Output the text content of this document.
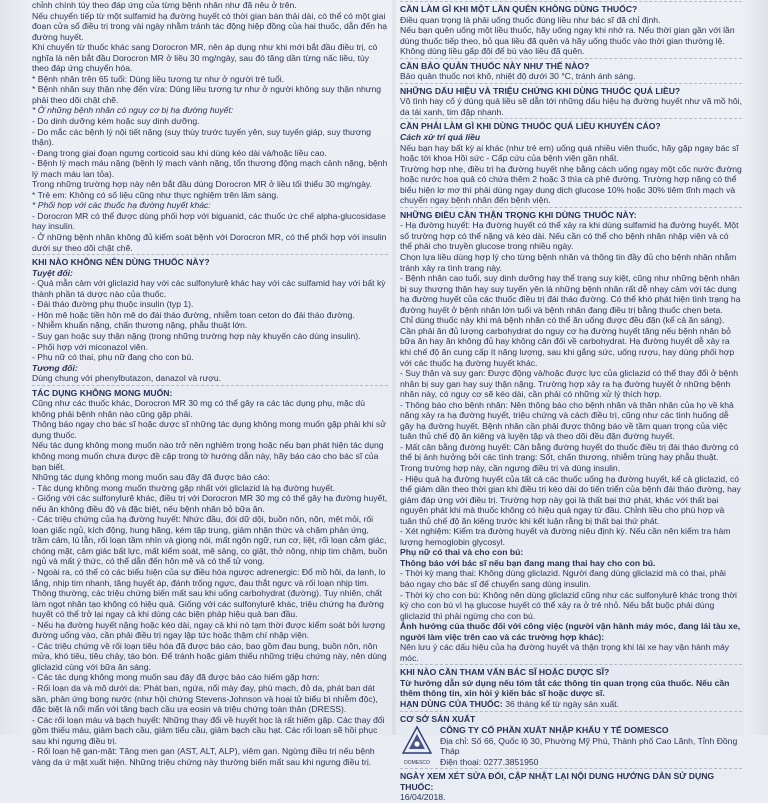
chỉnh chính tùy theo đáp ứng của từng bệnh nhân như đã nêu ở trên.

Nếu chuyển tiếp từ một sulfamid hạ đường huyết có thời gian bán thải dài, có thể có một giai đoạn cửa sổ điều trị trong vài ngày nhằm tránh tác động hiệp đồng của hai thuốc, dẫn đến hạ đường huyết.

Khi chuyển từ thuốc khác sang Dorocron MR, nên áp dụng như khi mới bắt đầu điều trị, có nghĩa là nên bắt đầu Dorocron MR ở liều 30 mg/ngày, sau đó tăng dần từng nấc liều, tùy theo đáp ứng chuyển hóa.

* Bệnh nhân trên 65 tuổi: Dùng liều tương tự như ở người trẻ tuổi.

* Bệnh nhân suy thận nhẹ đến vừa: Dùng liều tương tự như ở người không suy thận nhưng phải theo dõi chặt chẽ.

* Ở những bệnh nhân có nguy cơ bị hạ đường huyết:

- Do dinh dưỡng kém hoặc suy dinh dưỡng.

- Do mắc các bệnh lý nội tiết nặng (suy thùy trước tuyến yên, suy tuyến giáp, suy thượng thận).

- Đang trong giai đoạn ngưng corticoid sau khi dùng kéo dài và/hoặc liều cao.

- Bệnh lý mạch máu nặng (bệnh lý mạch vành nặng, tổn thương động mạch cảnh nặng, bệnh lý mạch máu lan tỏa).

Trong những trường hợp này nên bắt đầu dùng Dorocron MR ở liều tối thiểu 30 mg/ngày.

* Trẻ em: Không có số liệu cũng như thực nghiệm trên lâm sàng.

* Phối hợp với các thuốc hạ đường huyết khác:

- Dorocron MR có thể được dùng phối hợp với biguanid, các thuốc ức chế alpha-glucosidase hay insulin.

- Ở những bệnh nhân không đủ kiểm soát bệnh với Dorocron MR, có thể phối hợp với insulin dưới sự theo dõi chặt chẽ.

KHI NÀO KHÔNG NÊN DÙNG THUỐC NÀY?

Tuyệt đối:

- Quá mẫn cảm với gliclazid hay với các sulfonylurê khác hay với các sulfamid hay với bất kỳ thành phần tá dược nào của thuốc.

- Đái tháo đường phụ thuộc insulin (typ 1).

- Hôn mê hoặc tiền hôn mê do đái tháo đường, nhiễm toan ceton do đái tháo đường.

- Nhiễm khuẩn nặng, chấn thương nặng, phẫu thuật lớn.

- Suy gan hoặc suy thận nặng (trong những trường hợp này khuyến cáo dùng insulin).

- Phối hợp với miconazol viên.

- Phụ nữ có thai, phụ nữ đang cho con bú.

Tương đối:

Dùng chung với phenylbutazon, danazol và rượu.

TÁC DỤNG KHÔNG MONG MUỐN:

Cũng như các thuốc khác, Dorocron MR 30 mg có thể gây ra các tác dụng phụ, mặc dù không phải bệnh nhân nào cũng gặp phải.

Thông báo ngay cho bác sĩ hoặc dược sĩ những tác dụng không mong muốn gặp phải khi sử dụng thuốc.

Nếu tác dụng không mong muốn nào trở nên nghiêm trọng hoặc nếu bạn phát hiện tác dụng không mong muốn chưa được đề cập trong tờ hướng dẫn này, hãy báo cáo cho bác sĩ của bạn biết.

Những tác dụng không mong muốn sau đây đã được báo cáo:

- Tác dụng không mong muốn thường gặp nhất với gliclazid là hạ đường huyết.

- Giống với các sulfonylurê khác, điều trị với Dorocron MR 30 mg có thể gây hạ đường huyết, nếu ăn không điều độ và đặc biệt, nếu bệnh nhân bỏ bữa ăn.

- Các triệu chứng của hạ đường huyết: Nhức đầu, đói dữ dội, buồn nôn, nôn, mệt mỏi, rối loạn giấc ngủ, kích động, hung hăng, kém tập trung, giảm nhận thức và chậm phản ứng, trầm cảm, lú lẫn, rối loạn tầm nhìn và giọng nói, mất ngôn ngữ, run cơ, liệt, rối loạn cảm giác, chóng mặt, cảm giác bất lực, mất kiểm soát, mê sảng, co giật, thở nông, nhịp tim chậm, buồn ngủ và mất ý thức, có thể dẫn đến hôn mê và có thể tử vong.

- Ngoài ra, có thể có các biểu hiện của sự điều hòa ngược adrenergic: Đổ mồ hôi, da lạnh, lo lắng, nhịp tim nhanh, tăng huyết áp, đánh trống ngực, đau thắt ngực và rối loạn nhịp tim.

Thông thường, các triệu chứng biến mất sau khi uống carbohydrat (đường). Tuy nhiên, chất làm ngọt nhân tạo không có hiệu quả. Giống với các sulfonylurê khác, triệu chứng hạ đường huyết có thể trở lại ngay cả khi dùng các biện pháp hiệu quả ban đầu.

- Nếu hạ đường huyết nặng hoặc kéo dài, ngay cả khi nó tạm thời được kiểm soát bởi lượng đường uống vào, cần phải điều trị ngay lập tức hoặc thậm chí nhập viện.

- Các triệu chứng về rối loạn tiêu hóa đã được báo cáo, bao gồm đau bụng, buồn nôn, nôn mửa, khó tiêu, tiêu chảy, táo bón. Để tránh hoặc giảm thiểu những triệu chứng này, nên dùng gliclazid cùng với bữa ăn sáng.

- Các tác dụng không mong muốn sau đây đã được báo cáo hiếm gặp hơn:

- Rối loạn da và mô dưới da: Phát ban, ngứa, nổi mày đay, phù mạch, đỏ da, phát ban dát sần, phản ứng bọng nước (như hội chứng Stevens-Johnson và hoại tử biểu bì nhiễm độc), đặc biệt là nổi mẩn với tăng bạch cầu ưa eosin và triệu chứng toàn thân (DRESS).

- Các rối loạn máu và bạch huyết: Những thay đổi về huyết học là rất hiếm gặp. Các thay đổi gồm thiếu máu, giảm bạch cầu, giảm tiểu cầu, giảm bạch cầu hạt. Các rối loạn sẽ hồi phục sau khi ngưng điều trị.

- Rối loạn hệ gan-mật: Tăng men gan (AST, ALT, ALP), viêm gan. Ngừng điều trị nếu bệnh vàng da ứ mật xuất hiện. Những triệu chứng này thường biến mất sau khi ngưng điều trị.

CẦN LÀM GÌ KHI MỘT LẦN QUÊN KHÔNG DÙNG THUỐC?

Điều quan trọng là phải uống thuốc đúng liều như bác sĩ đã chỉ định.

Nếu bạn quên uống một liều thuốc, hãy uống ngay khi nhớ ra. Nếu thời gian gần với lần dùng thuốc tiếp theo, bỏ qua liều đã quên và hãy uống thuốc vào thời gian thường lệ. Không dùng liều gấp đôi để bù vào liều đã quên.

CẦN BẢO QUẢN THUỐC NÀY NHƯ THẾ NÀO?

Bảo quản thuốc nơi khô, nhiệt độ dưới 30 °C, tránh ánh sáng.

NHỮNG DẤU HIỆU VÀ TRIỆU CHỨNG KHI DÙNG THUỐC QUÁ LIỀU?

Vô tình hay cố ý dùng quá liều sẽ dẫn tới những dấu hiệu hạ đường huyết như vã mồ hôi, da tái xanh, tim đập nhanh.

CẦN PHẢI LÀM GÌ KHI DÙNG THUỐC QUÁ LIỀU KHUYẾN CÁO?

Cách xử trí quá liều

Nếu bạn hay bất kỳ ai khác (như trẻ em) uống quá nhiều viên thuốc, hãy gặp ngay bác sĩ hoặc tới khoa Hồi sức - Cấp cứu của bệnh viện gần nhất.

Trường hợp nhẹ, điều trị hạ đường huyết nhẹ bằng cách uống ngay một cốc nước đường hoặc nước hoa quả có chứa thêm 2 hoặc 3 thìa cà phê đường. Trường hợp nặng có thể biểu hiện lơ mơ thì phải dùng ngay dung dịch glucose 10% hoặc 30% tiêm tĩnh mạch và chuyển ngay bệnh nhân đến bệnh viện.

NHỮNG ĐIỀU CẦN THẬN TRỌNG KHI DÙNG THUỐC NÀY:

- Hạ đường huyết: Hạ đường huyết có thể xảy ra khi dùng sulfamid hạ đường huyết. Một số trường hợp có thể nặng và kéo dài. Nếu cần có thể cho bệnh nhân nhập viện và có thể phải cho truyền glucose trong nhiều ngày.

Chọn lựa liều dùng hợp lý cho từng bệnh nhân và thông tin đầy đủ cho bệnh nhân nhằm tránh xảy ra tình trạng này.

- Bệnh nhân cao tuổi, suy dinh dưỡng hay thể trạng suy kiệt, cũng như những bệnh nhân bị suy thượng thận hay suy tuyến yên là những bệnh nhân rất dễ nhạy cảm với tác dụng hạ đường huyết của các thuốc điều trị đái tháo đường. Có thể khó phát hiện tình trạng hạ đường huyết ở bệnh nhân lớn tuổi và bệnh nhân đang điều trị bằng thuốc chẹn beta.

Chỉ dùng thuốc này khi mà bệnh nhân có thể ăn uống được đều đặn (kể cả ăn sáng). Cần phải ăn đủ lượng carbohydrat do nguy cơ hạ đường huyết tăng nếu bệnh nhân bỏ bữa ăn hay ăn không đủ hay không cân đối về carbohydrat. Hạ đường huyết dễ xảy ra khi chế độ ăn cung cấp ít năng lượng, sau khi gắng sức, uống rượu, hay dùng phối hợp với các thuốc hạ đường huyết khác.

- Suy thận và suy gan: Được động và/hoặc được lực của gliclazid có thể thay đổi ở bệnh nhân bị suy gan hay suy thận nặng. Trường hợp xảy ra hạ đường huyết ở những bệnh nhân này, có nguy cơ sẽ kéo dài, cần phải có những xử lý thích hợp.

- Thông báo cho bệnh nhân: Nên thông báo cho bệnh nhân và thân nhân của họ về khả năng xảy ra hạ đường huyết, triệu chứng và cách điều trị, cũng như các tình huống dễ gây hạ đường huyết. Bệnh nhân cần phải được thông báo về tầm quan trọng của việc tuân thủ chế độ ăn kiêng và luyện tập và theo dõi đều đặn đường huyết.

- Mất cân bằng đường huyết: Cân bằng đường huyết do thuốc điều trị đái tháo đường có thể bị ảnh hưởng bởi các tình trạng: Sốt, chấn thương, nhiễm trùng hay phẫu thuật. Trong trường hợp này, cần ngưng điều trị và dùng insulin.

- Hiệu quả hạ đường huyết của tất cả các thuốc uống hạ đường huyết, kể cả gliclazid, có thể giảm dần theo thời gian khi điều trị kéo dài do tiến triển của bệnh đái tháo đường, hay giảm đáp ứng với điều trị. Trường hợp này gọi là thất bại thứ phát, khác với thất bại nguyên phát khi mà thuốc không có hiệu quả ngay từ đầu. Chỉnh liều cho phù hợp và tuân thủ chế độ ăn kiêng trước khi kết luận rằng bị thất bại thứ phát.

- Xét nghiệm: Kiểm tra đường huyết và đường niệu định kỳ. Nếu cần nên kiểm tra hàm lượng hemoglobin glycosyl.

Phụ nữ có thai và cho con bú:

Thông báo với bác sĩ nếu bạn đang mang thai hay cho con bú.

- Thời kỳ mang thai: Không dùng gliclazid. Người đang dùng gliclazid mà có thai, phải báo ngay cho bác sĩ để chuyển sang dùng insulin.

- Thời kỳ cho con bú: Không nên dùng gliclazid cũng như các sulfonylurê khác trong thời kỳ cho con bú vì hạ glucose huyết có thể xảy ra ở trẻ nhỏ. Nếu bắt buộc phải dùng gliclazid thì phải ngừng cho con bú.

Ảnh hưởng của thuốc đối với công việc (người vận hành máy móc, đang lái tàu xe, người làm việc trên cao và các trường hợp khác):

Nên lưu ý các dấu hiệu của hạ đường huyết và thận trọng khi lái xe hay vận hành máy móc.

KHI NÀO CẦN THAM VẤN BÁC SĨ HOẶC DƯỢC SĨ?

Từ hướng dẫn sử dụng nếu tóm tắt các thông tin quan trọng của thuốc. Nếu cần thêm thông tin, xin hỏi ý kiến bác sĩ hoặc dược sĩ.

HẠN DÙNG CỦA THUỐC: 36 tháng kể từ ngày sản xuất.

CƠ SỞ SẢN XUẤT

DOMESCO

CÔNG TY CỔ PHẦN XUẤT NHẬP KHẨU Y TẾ DOMESCO

Địa chỉ: Số 66, Quốc lộ 30, Phường Mỹ Phú, Thành phố Cao Lãnh, Tỉnh Đồng Tháp

Điện thoại: 0277.3851950

NGÀY XEM XÉT SỬA ĐỔI, CẬP NHẬT LẠI NỘI DUNG HƯỚNG DẪN SỬ DỤNG THUỐC:

16/04/2018.
